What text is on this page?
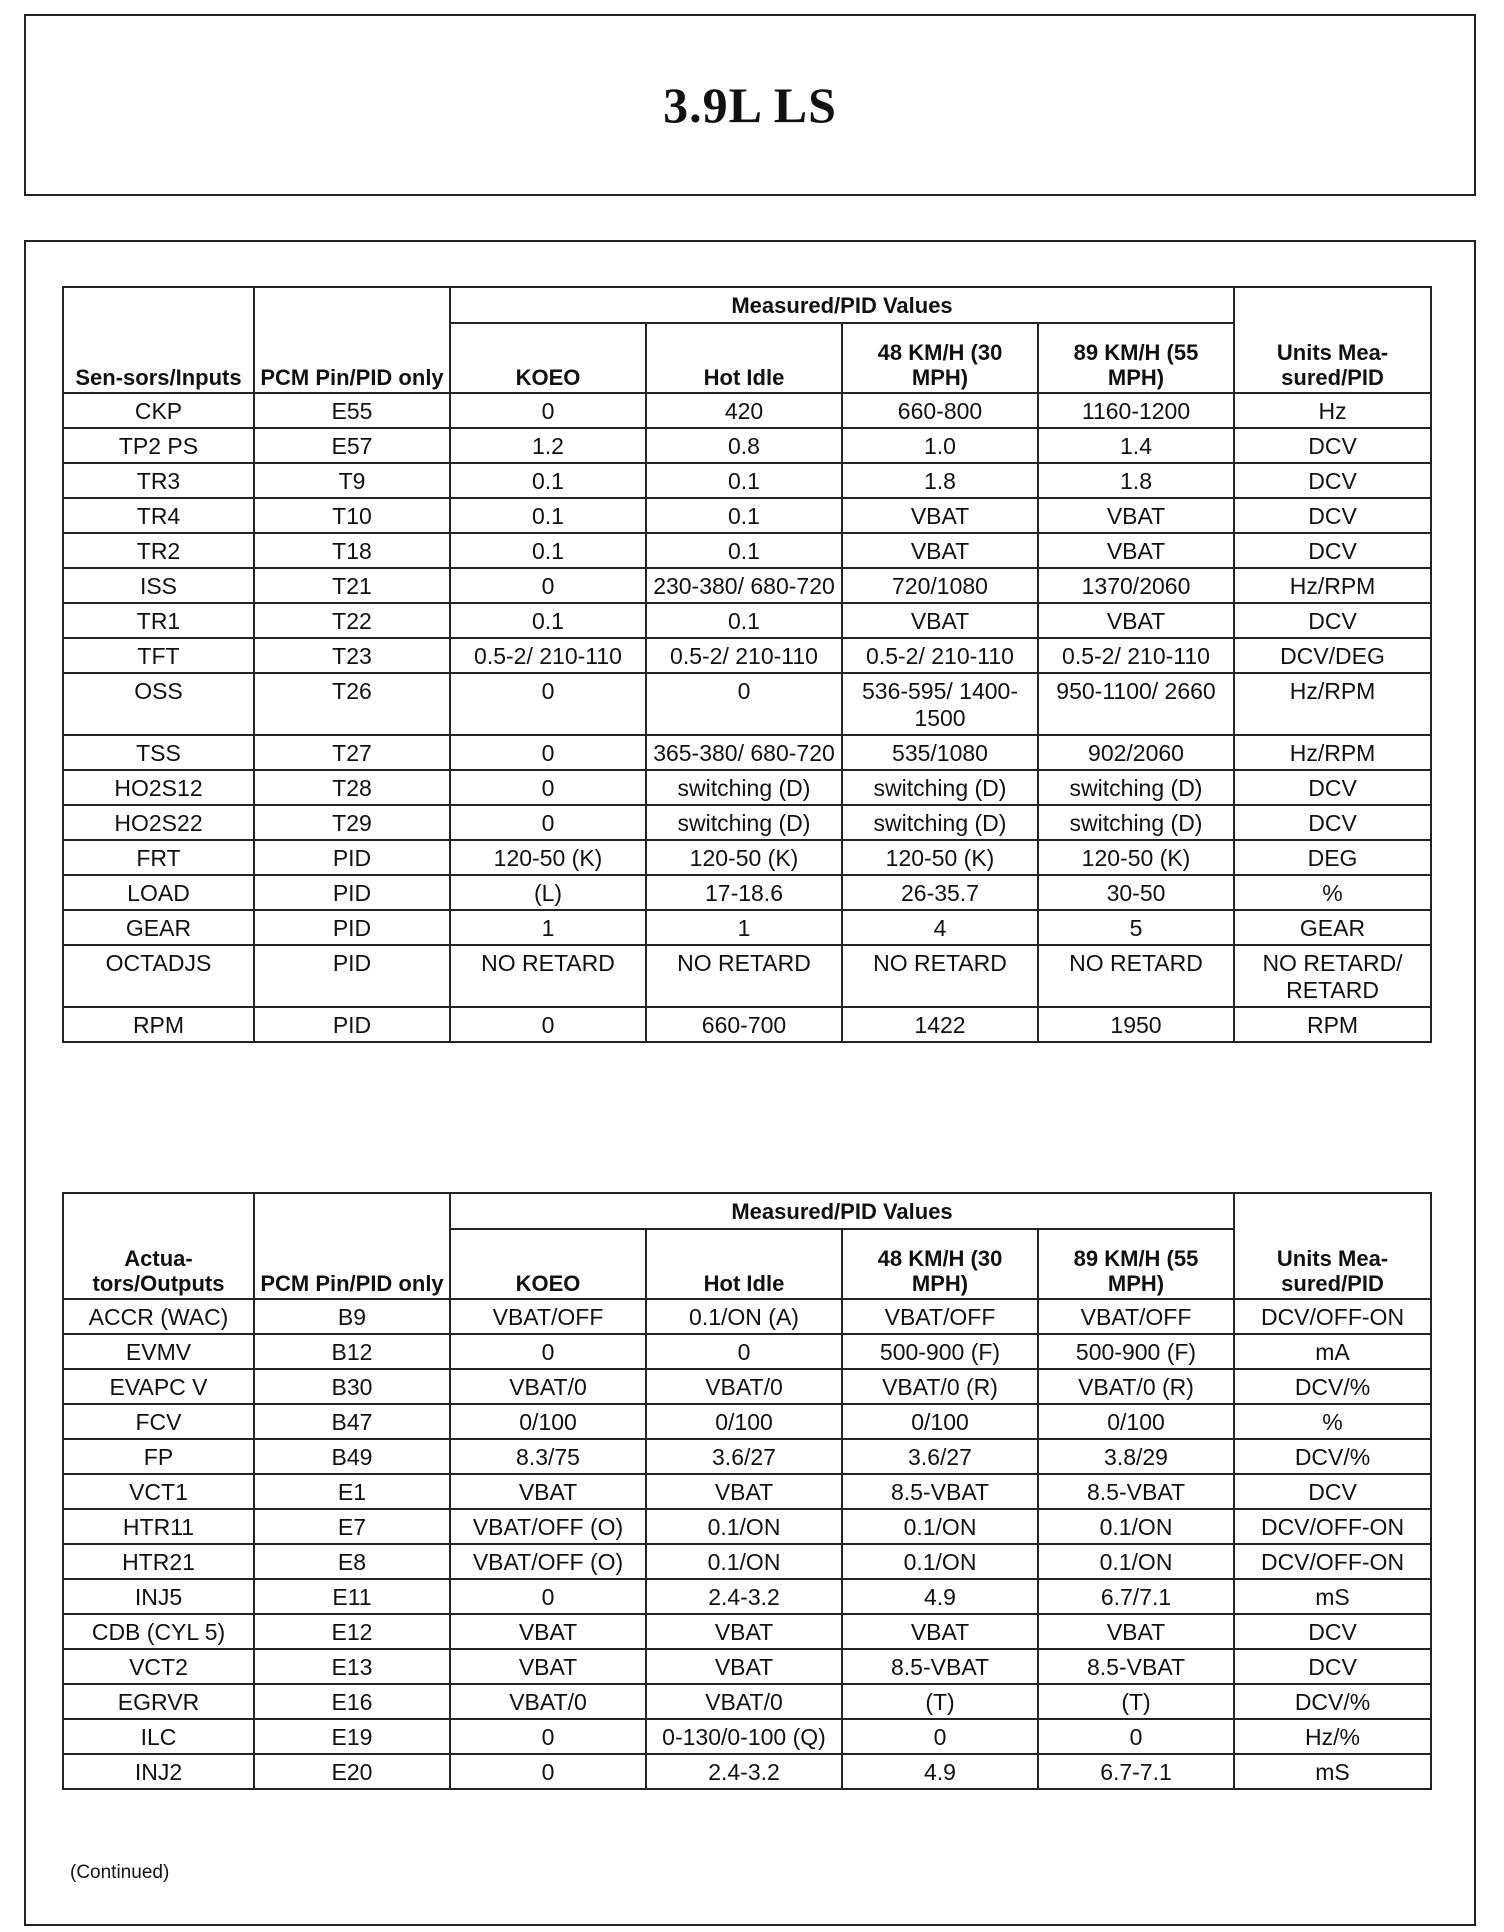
3.9L LS
Sen-sors/Inputs	PCM Pin/PID only	Measured/PID Values				Units Mea-sured/PID
		KOEO	Hot Idle	48 KM/H (30 MPH)	89 KM/H (55 MPH)	
CKP	E55	0	420	660-800	1160-1200	Hz
TP2 PS	E57	1.2	0.8	1.0	1.4	DCV
TR3	T9	0.1	0.1	1.8	1.8	DCV
TR4	T10	0.1	0.1	VBAT	VBAT	DCV
TR2	T18	0.1	0.1	VBAT	VBAT	DCV
ISS	T21	0	230-380/ 680-720	720/1080	1370/2060	Hz/RPM
TR1	T22	0.1	0.1	VBAT	VBAT	DCV
TFT	T23	0.5-2/ 210-110	0.5-2/ 210-110	0.5-2/ 210-110	0.5-2/ 210-110	DCV/DEG
OSS	T26	0	0	536-595/ 1400-1500	950-1100/ 2660	Hz/RPM
TSS	T27	0	365-380/ 680-720	535/1080	902/2060	Hz/RPM
HO2S12	T28	0	switching (D)	switching (D)	switching (D)	DCV
HO2S22	T29	0	switching (D)	switching (D)	switching (D)	DCV
FRT	PID	120-50 (K)	120-50 (K)	120-50 (K)	120-50 (K)	DEG
LOAD	PID	(L)	17-18.6	26-35.7	30-50	%
GEAR	PID	1	1	4	5	GEAR
OCTADJS	PID	NO RETARD	NO RETARD	NO RETARD	NO RETARD	NO RETARD/ RETARD
RPM	PID	0	660-700	1422	1950	RPM
Actua-tors/Outputs	PCM Pin/PID only	Measured/PID Values				Units Mea-sured/PID
		KOEO	Hot Idle	48 KM/H (30 MPH)	89 KM/H (55 MPH)	
ACCR (WAC)	B9	VBAT/OFF	0.1/ON (A)	VBAT/OFF	VBAT/OFF	DCV/OFF-ON
EVMV	B12	0	0	500-900 (F)	500-900 (F)	mA
EVAPC V	B30	VBAT/0	VBAT/0	VBAT/0 (R)	VBAT/0 (R)	DCV/%
FCV	B47	0/100	0/100	0/100	0/100	%
FP	B49	8.3/75	3.6/27	3.6/27	3.8/29	DCV/%
VCT1	E1	VBAT	VBAT	8.5-VBAT	8.5-VBAT	DCV
HTR11	E7	VBAT/OFF (O)	0.1/ON	0.1/ON	0.1/ON	DCV/OFF-ON
HTR21	E8	VBAT/OFF (O)	0.1/ON	0.1/ON	0.1/ON	DCV/OFF-ON
INJ5	E11	0	2.4-3.2	4.9	6.7/7.1	mS
CDB (CYL 5)	E12	VBAT	VBAT	VBAT	VBAT	DCV
VCT2	E13	VBAT	VBAT	8.5-VBAT	8.5-VBAT	DCV
EGRVR	E16	VBAT/0	VBAT/0	(T)	(T)	DCV/%
ILC	E19	0	0-130/0-100 (Q)	0	0	Hz/%
INJ2	E20	0	2.4-3.2	4.9	6.7-7.1	mS
(Continued)
